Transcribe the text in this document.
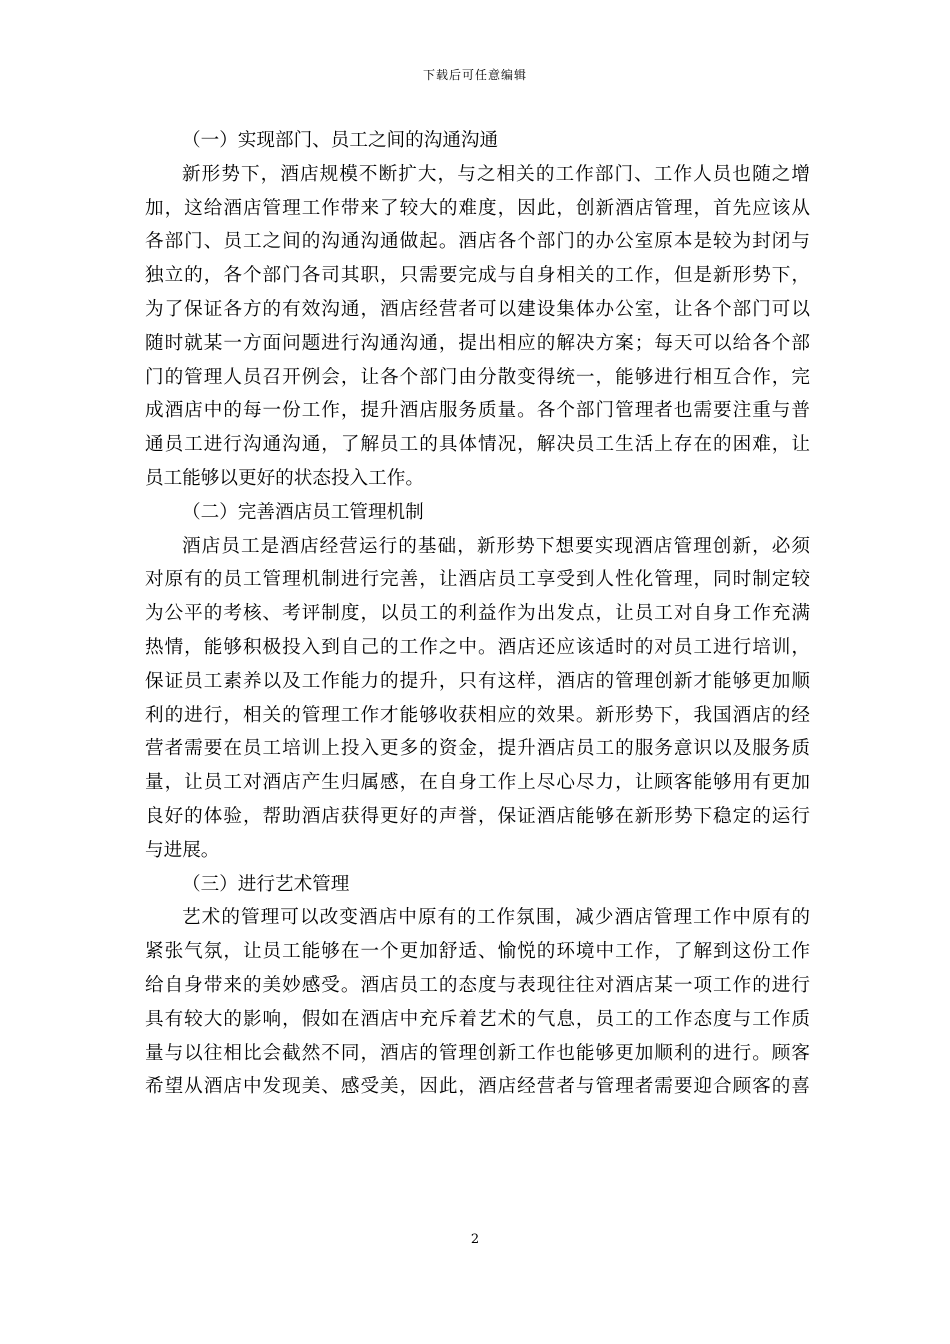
下载后可任意编辑
（一）实现部门、员工之间的沟通沟通
新形势下，酒店规模不断扩大，与之相关的工作部门、工作人员也随之增
加，这给酒店管理工作带来了较大的难度，因此，创新酒店管理，首先应该从
各部门、员工之间的沟通沟通做起。酒店各个部门的办公室原本是较为封闭与
独立的，各个部门各司其职，只需要完成与自身相关的工作，但是新形势下，
为了保证各方的有效沟通，酒店经营者可以建设集体办公室，让各个部门可以
随时就某一方面问题进行沟通沟通，提出相应的解决方案；每天可以给各个部
门的管理人员召开例会，让各个部门由分散变得统一，能够进行相互合作，完
成酒店中的每一份工作，提升酒店服务质量。各个部门管理者也需要注重与普
通员工进行沟通沟通，了解员工的具体情况，解决员工生活上存在的困难，让
员工能够以更好的状态投入工作。
（二）完善酒店员工管理机制
酒店员工是酒店经营运行的基础，新形势下想要实现酒店管理创新，必须
对原有的员工管理机制进行完善，让酒店员工享受到人性化管理，同时制定较
为公平的考核、考评制度，以员工的利益作为出发点，让员工对自身工作充满
热情，能够积极投入到自己的工作之中。酒店还应该适时的对员工进行培训，
保证员工素养以及工作能力的提升，只有这样，酒店的管理创新才能够更加顺
利的进行，相关的管理工作才能够收获相应的效果。新形势下，我国酒店的经
营者需要在员工培训上投入更多的资金，提升酒店员工的服务意识以及服务质
量，让员工对酒店产生归属感，在自身工作上尽心尽力，让顾客能够用有更加
良好的体验，帮助酒店获得更好的声誉，保证酒店能够在新形势下稳定的运行
与进展。
（三）进行艺术管理
艺术的管理可以改变酒店中原有的工作氛围，减少酒店管理工作中原有的
紧张气氛，让员工能够在一个更加舒适、愉悦的环境中工作，了解到这份工作
给自身带来的美妙感受。酒店员工的态度与表现往往对酒店某一项工作的进行
具有较大的影响，假如在酒店中充斥着艺术的气息，员工的工作态度与工作质
量与以往相比会截然不同，酒店的管理创新工作也能够更加顺利的进行。顾客
希望从酒店中发现美、感受美，因此，酒店经营者与管理者需要迎合顾客的喜
2
